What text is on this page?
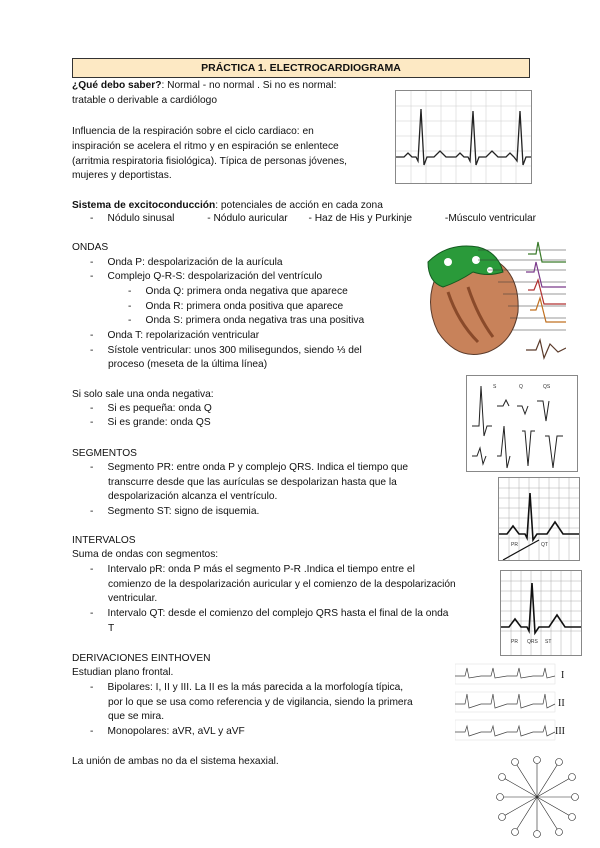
PRÁCTICA 1. ELECTROCARDIOGRAMA
¿Qué debo saber?: Normal - no normal . Si no es normal:
tratable o derivable a cardiólogo
Influencia de la respiración sobre el ciclo cardiaco: en
inspiración se acelera el ritmo y en espiración se enlentece
(arritmia respiratoria fisiológica). Típica de personas jóvenes,
mujeres y deportistas.
Sistema de excitoconducción: potenciales de acción en cada zona
-     Nódulo sinusal	- Nódulo auricular - Haz de His y Purkinje	-Músculo ventricular
ONDAS
-     Onda P: despolarización de la aurícula
-     Complejo Q-R-S: despolarización del ventrículo
-     Onda Q: primera onda negativa que aparece
-     Onda R: primera onda positiva que aparece
-     Onda S: primera onda negativa tras una positiva
-     Onda T: repolarización ventricular
-     Sístole ventricular: unos 300 milisegundos, siendo ⅓ del
proceso (meseta de la última línea)
Si solo sale una onda negativa:
-     Si es pequeña: onda Q
-     Si es grande: onda QS
S	Q	QS
SEGMENTOS
-     Segmento PR: entre onda P y complejo QRS. Indica el tiempo que
transcurre desde que las aurículas se despolarizan hasta que la
despolarización alcanza el ventrículo.
-     Segmento ST: signo de isquemia.
PR	QT
INTERVALOS
Suma de ondas con segmentos:
-     Intervalo pR: onda P más el segmento P-R .Indica el tiempo entre el
comienzo de la despolarización auricular y el comienzo de la despolarización
ventricular.
-     Intervalo QT: desde el comienzo del complejo QRS hasta el final de la onda
T
PR QRS ST
DERIVACIONES EINTHOVEN
Estudian plano frontal.
-     Bipolares: I, II y III. La II es la más parecida a la morfología típica,
por lo que se usa como referencia y de vigilancia, siendo la primera
que se mira.
-     Monopolares: aVR, aVL y aVF
I
II
III
La unión de ambas no da el sistema hexaxial.
